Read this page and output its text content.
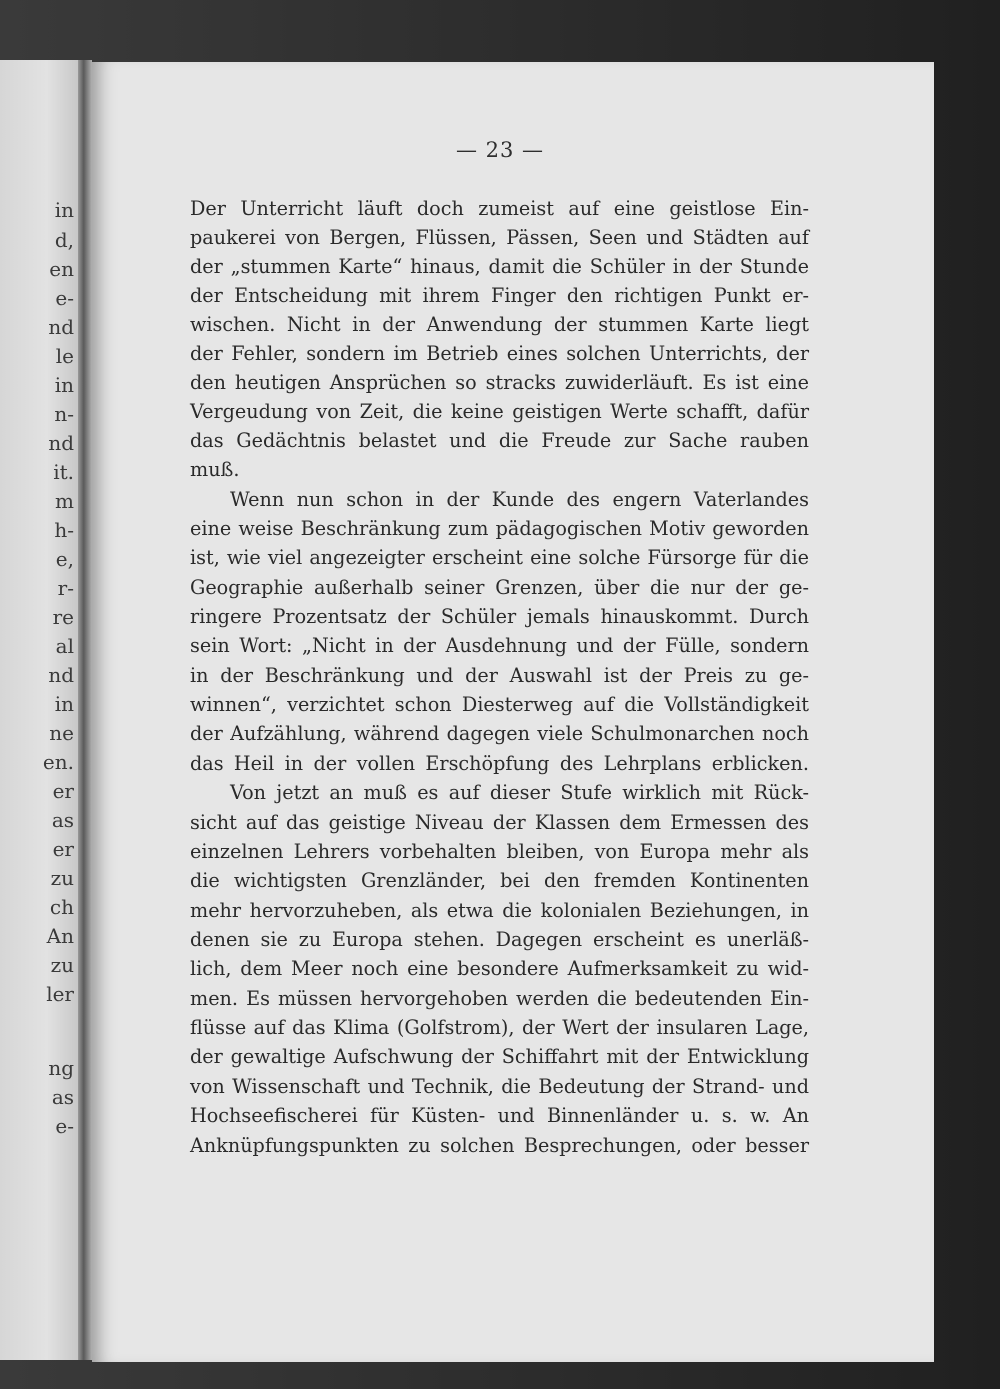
in
d,
en
e-
nd
le
in
n-
nd
it.
m
h-
e,
r-
re
al
nd
in
ne
en.
er
as
er
zu
ch
An
zu
ler
ng
as
e-
— 23 —
Der Unterricht läuft doch zumeist auf eine geistlose Ein-
paukerei von Bergen, Flüssen, Pässen, Seen und Städten auf
der „stummen Karte“ hinaus, damit die Schüler in der Stunde
der Entscheidung mit ihrem Finger den richtigen Punkt er-
wischen. Nicht in der Anwendung der stummen Karte liegt
der Fehler, sondern im Betrieb eines solchen Unterrichts, der
den heutigen Ansprüchen so stracks zuwiderläuft. Es ist eine
Vergeudung von Zeit, die keine geistigen Werte schafft, dafür
das Gedächtnis belastet und die Freude zur Sache rauben
muß.
Wenn nun schon in der Kunde des engern Vaterlandes
eine weise Beschränkung zum pädagogischen Motiv geworden
ist, wie viel angezeigter erscheint eine solche Fürsorge für die
Geographie außerhalb seiner Grenzen, über die nur der ge-
ringere Prozentsatz der Schüler jemals hinauskommt. Durch
sein Wort: „Nicht in der Ausdehnung und der Fülle, sondern
in der Beschränkung und der Auswahl ist der Preis zu ge-
winnen“, verzichtet schon Diesterweg auf die Vollständigkeit
der Aufzählung, während dagegen viele Schulmonarchen noch
das Heil in der vollen Erschöpfung des Lehrplans erblicken.
Von jetzt an muß es auf dieser Stufe wirklich mit Rück-
sicht auf das geistige Niveau der Klassen dem Ermessen des
einzelnen Lehrers vorbehalten bleiben, von Europa mehr als
die wichtigsten Grenzländer, bei den fremden Kontinenten
mehr hervorzuheben, als etwa die kolonialen Beziehungen, in
denen sie zu Europa stehen. Dagegen erscheint es unerläß-
lich, dem Meer noch eine besondere Aufmerksamkeit zu wid-
men. Es müssen hervorgehoben werden die bedeutenden Ein-
flüsse auf das Klima (Golfstrom), der Wert der insularen Lage,
der gewaltige Aufschwung der Schiffahrt mit der Entwicklung
von Wissenschaft und Technik, die Bedeutung der Strand- und
Hochseefischerei für Küsten- und Binnenländer u. s. w. An
Anknüpfungspunkten zu solchen Besprechungen, oder besser
